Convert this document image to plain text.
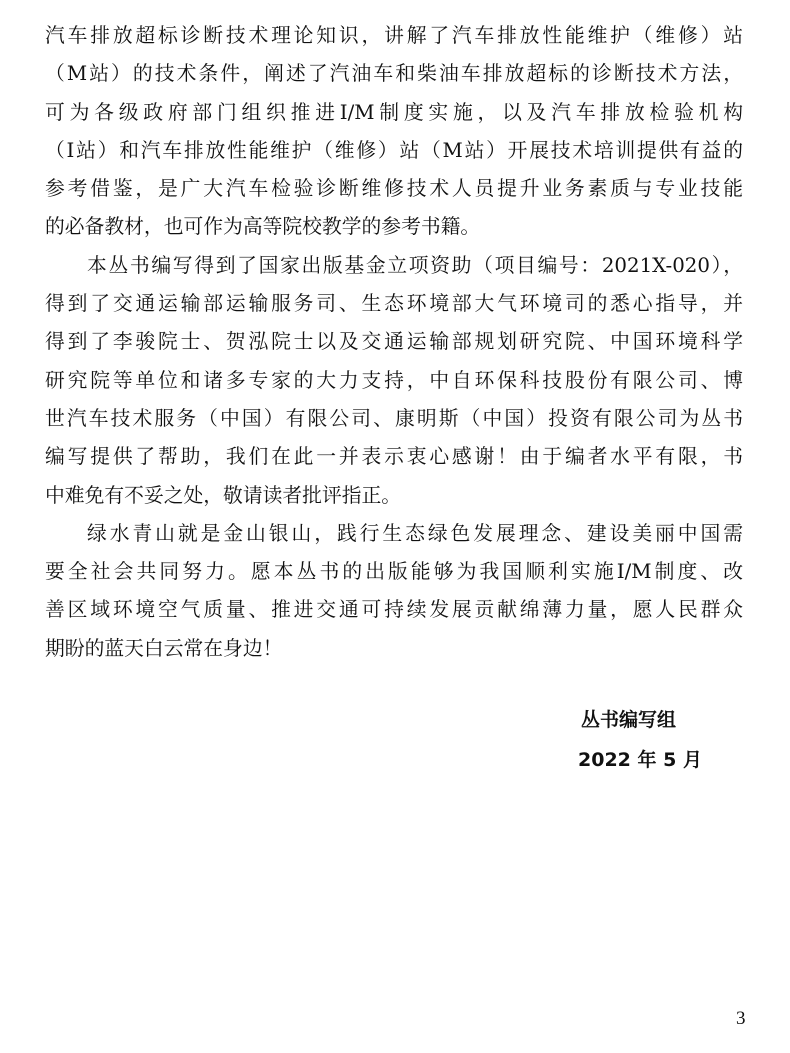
汽车排放超标诊断技术理论知识，讲解了汽车排放性能维护（维修）站
（M站）的技术条件，阐述了汽油车和柴油车排放超标的诊断技术方法，
可为各级政府部门组织推进I/M制度实施，以及汽车排放检验机构
（I站）和汽车排放性能维护（维修）站（M站）开展技术培训提供有益的
参考借鉴，是广大汽车检验诊断维修技术人员提升业务素质与专业技能
的必备教材，也可作为高等院校教学的参考书籍。
本丛书编写得到了国家出版基金立项资助（项目编号：2021X-020），
得到了交通运输部运输服务司、生态环境部大气环境司的悉心指导，并
得到了李骏院士、贺泓院士以及交通运输部规划研究院、中国环境科学
研究院等单位和诸多专家的大力支持，中自环保科技股份有限公司、博
世汽车技术服务（中国）有限公司、康明斯（中国）投资有限公司为丛书
编写提供了帮助，我们在此一并表示衷心感谢！由于编者水平有限，书
中难免有不妥之处，敬请读者批评指正。
绿水青山就是金山银山，践行生态绿色发展理念、建设美丽中国需
要全社会共同努力。愿本丛书的出版能够为我国顺利实施I/M制度、改
善区域环境空气质量、推进交通可持续发展贡献绵薄力量，愿人民群众
期盼的蓝天白云常在身边！
丛书编写组
2022 年 5 月
3
